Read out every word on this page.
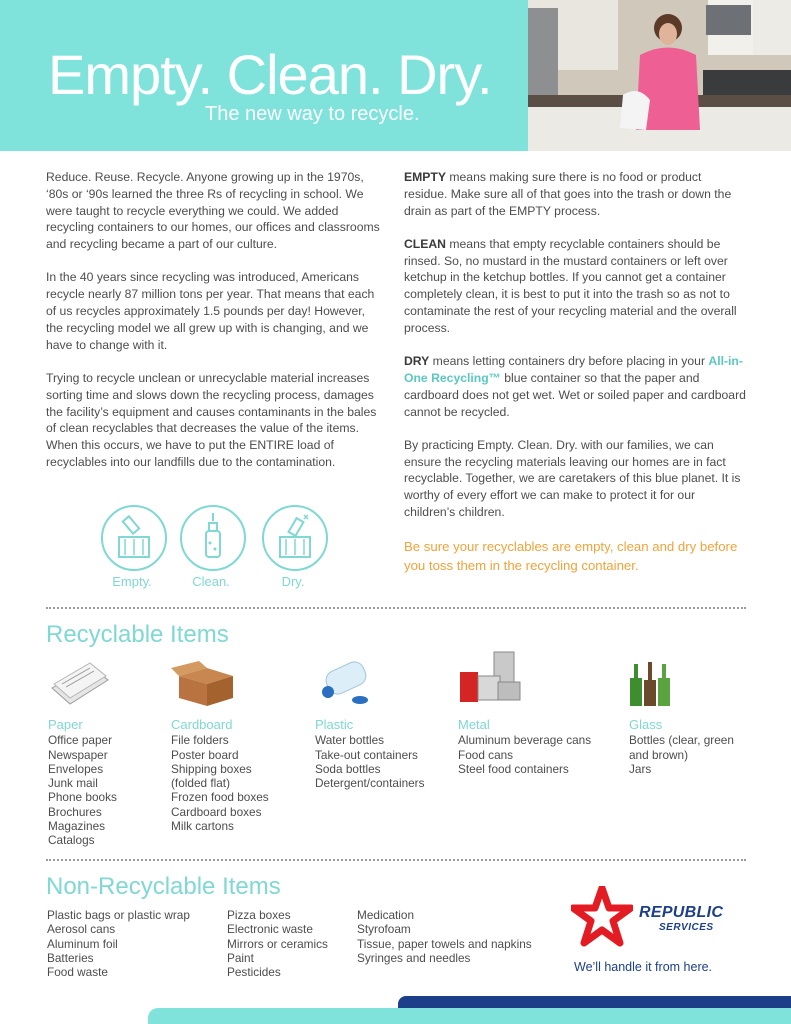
Empty. Clean. Dry.
The new way to recycle.

Reduce. Reuse. Recycle. Anyone growing up in the 1970s, ‘80s or ‘90s learned the three Rs of recycling in school. We were taught to recycle everything we could. We added recycling containers to our homes, our offices and classrooms and recycling became a part of our culture.

In the 40 years since recycling was introduced, Americans recycle nearly 87 million tons per year. That means that each of us recycles approximately 1.5 pounds per day! However, the recycling model we all grew up with is changing, and we have to change with it.

Trying to recycle unclean or unrecyclable material increases sorting time and slows down the recycling process, damages the facility’s equipment and causes contaminants in the bales of clean recyclables that decreases the value of the items. When this occurs, we have to put the ENTIRE load of recyclables into our landfills due to the contamination.

Empty.	Clean.	Dry.

EMPTY means making sure there is no food or product residue. Make sure all of that goes into the trash or down the drain as part of the EMPTY process.

CLEAN means that empty recyclable containers should be rinsed. So, no mustard in the mustard containers or left over ketchup in the ketchup bottles. If you cannot get a container completely clean, it is best to put it into the trash so as not to contaminate the rest of your recycling material and the overall process.

DRY means letting containers dry before placing in your All-in-One Recycling™ blue container so that the paper and cardboard does not get wet. Wet or soiled paper and cardboard cannot be recycled.

By practicing Empty. Clean. Dry. with our families, we can ensure the recycling materials leaving our homes are in fact recyclable. Together, we are caretakers of this blue planet. It is worthy of every effort we can make to protect it for our children’s children.

Be sure your recyclables are empty, clean and dry before you toss them in the recycling container.

Recyclable Items
Paper
Office paper
Newspaper
Envelopes
Junk mail
Phone books
Brochures
Magazines
Catalogs
Cardboard
File folders
Poster board
Shipping boxes
(folded flat)
Frozen food boxes
Cardboard boxes
Milk cartons
Plastic
Water bottles
Take-out containers
Soda bottles
Detergent/containers
Metal
Aluminum beverage cans
Food cans
Steel food containers
Glass
Bottles (clear, green
and brown)
Jars
Non-Recyclable Items
Plastic bags or plastic wrap
Aerosol cans
Aluminum foil
Batteries
Food waste
Pizza boxes
Electronic waste
Mirrors or ceramics
Paint
Pesticides
Medication
Styrofoam
Tissue, paper towels and napkins
Syringes and needles
REPUBLIC
SERVICES
We’ll handle it from here.
